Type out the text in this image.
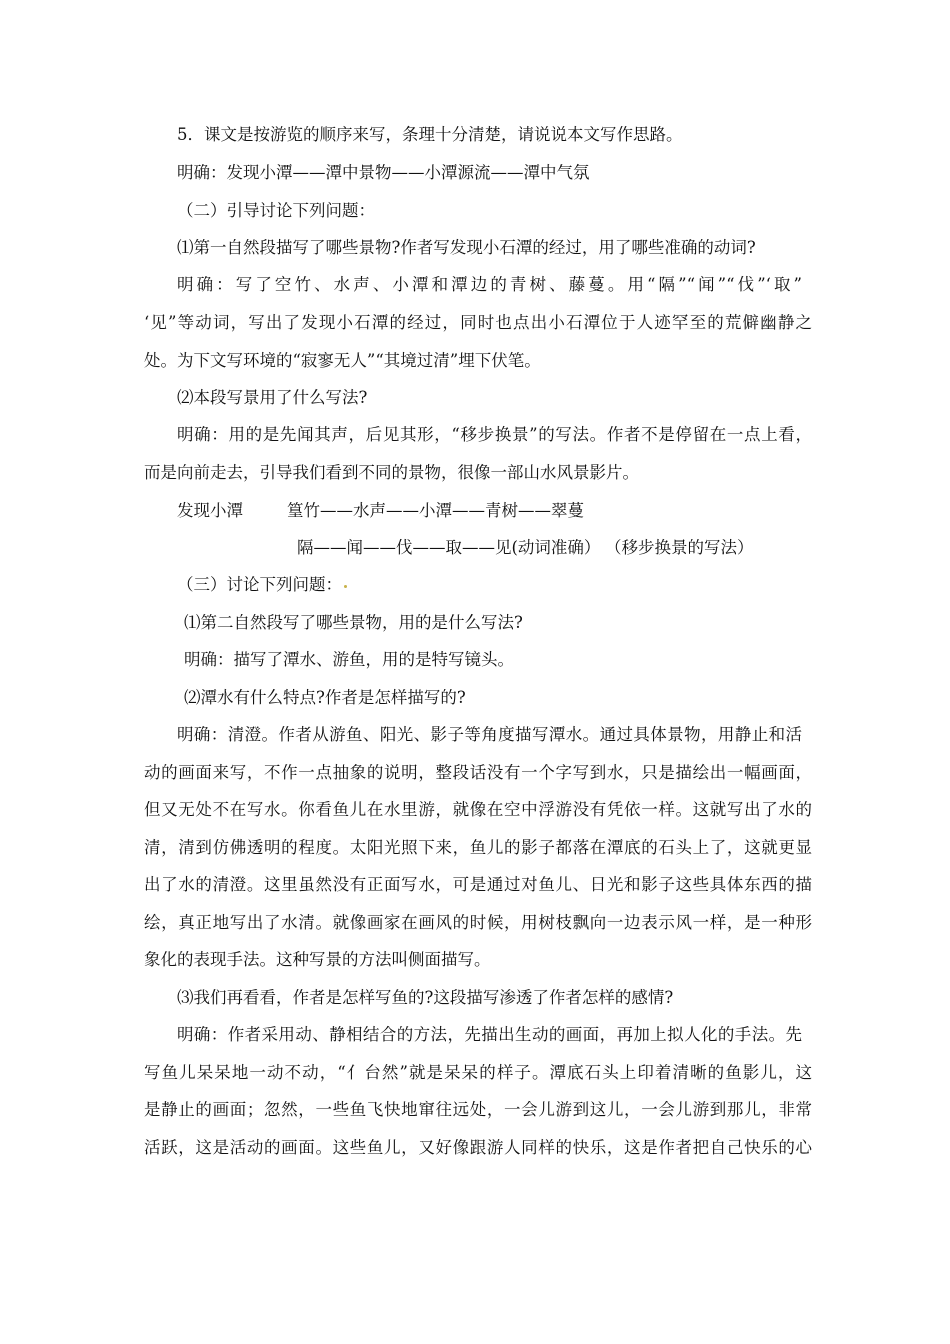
5．课文是按游览的顺序来写，条理十分清楚，请说说本文写作思路。
明确：发现小潭——潭中景物——小潭源流——潭中气氛
（二）引导讨论下列问题：
⑴第一自然段描写了哪些景物?作者写发现小石潭的经过，用了哪些准确的动词?
明确：写了空竹、水声、小潭和潭边的青树、藤蔓。用“隔”“闻”“伐”‘取”
‘见”等动词，写出了发现小石潭的经过，同时也点出小石潭位于人迹罕至的荒僻幽静之
处。为下文写环境的“寂寥无人”“其境过清”埋下伏笔。
⑵本段写景用了什么写法?
明确：用的是先闻其声，后见其形，“移步换景”的写法。作者不是停留在一点上看，
而是向前走去，引导我们看到不同的景物，很像一部山水风景影片。
发现小潭	篁竹——水声——小潭——青树——翠蔓
隔——闻——伐——取——见(动词准确） （移步换景的写法）
（三）讨论下列问题：
⑴第二自然段写了哪些景物，用的是什么写法?
明确：描写了潭水、游鱼，用的是特写镜头。
⑵潭水有什么特点?作者是怎样描写的?
明确：清澄。作者从游鱼、阳光、影子等角度描写潭水。通过具体景物，用静止和活
动的画面来写，不作一点抽象的说明，整段话没有一个字写到水，只是描绘出一幅画面，
但又无处不在写水。你看鱼儿在水里游，就像在空中浮游没有凭依一样。这就写出了水的
清，清到仿佛透明的程度。太阳光照下来，鱼儿的影子都落在潭底的石头上了，这就更显
出了水的清澄。这里虽然没有正面写水，可是通过对鱼儿、日光和影子这些具体东西的描
绘，真正地写出了水清。就像画家在画风的时候，用树枝飘向一边表示风一样，是一种形
象化的表现手法。这种写景的方法叫侧面描写。
⑶我们再看看，作者是怎样写鱼的?这段描写渗透了作者怎样的感情?
明确：作者采用动、静相结合的方法，先描出生动的画面，再加上拟人化的手法。先
写鱼儿呆呆地一动不动，“亻台然”就是呆呆的样子。潭底石头上印着清晰的鱼影儿，这
是静止的画面；忽然，一些鱼飞快地窜往远处，一会儿游到这儿，一会儿游到那儿，非常
活跃，这是活动的画面。这些鱼儿，又好像跟游人同样的快乐，这是作者把自己快乐的心
